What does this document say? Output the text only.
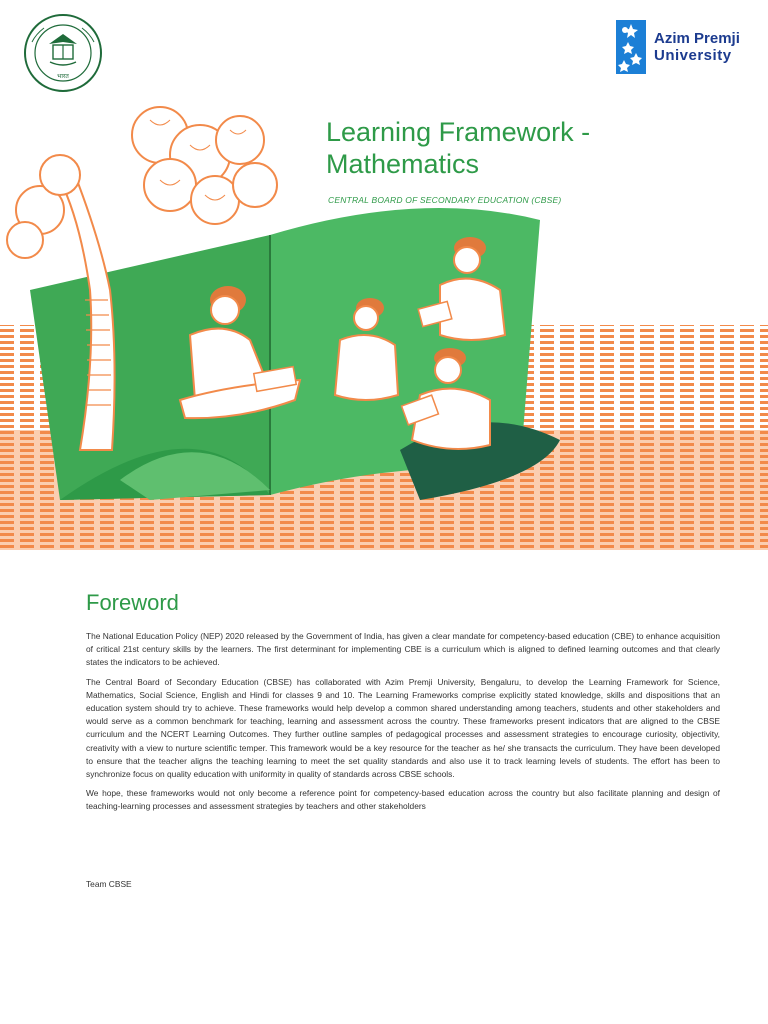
भारत
Azim Premji
University
Learning Framework -
Mathematics
CENTRAL BOARD OF SECONDARY EDUCATION (CBSE)
Foreword

The National Education Policy (NEP) 2020 released by the Government of India, has given a clear mandate for competency-based education (CBE) to enhance acquisition of critical 21st century skills by the learners. The first determinant for implementing CBE is a curriculum which is aligned to defined learning outcomes and that clearly states the indicators to be achieved.

The Central Board of Secondary Education (CBSE) has collaborated with Azim Premji University, Bengaluru, to develop the Learning Framework for Science, Mathematics, Social Science, English and Hindi for classes 9 and 10. The Learning Frameworks comprise explicitly stated knowledge, skills and dispositions that an education system should try to achieve. These frameworks would help develop a common shared understanding among teachers, students and other stakeholders and would serve as a common benchmark for teaching, learning and assessment across the country. These frameworks present indicators that are aligned to the CBSE curriculum and the NCERT Learning Outcomes. They further outline samples of pedagogical processes and assessment strategies to encourage curiosity, objectivity, creativity with a view to nurture scientific temper. This framework would be a key resource for the teacher as he/ she transacts the curriculum. They have been developed to ensure that the teacher aligns the teaching learning to meet the set quality standards and also use it to track learning levels of students. The effort has been to synchronize focus on quality education with uniformity in quality of standards across CBSE schools.

We hope, these frameworks would not only become a reference point for competency-based education across the country but also facilitate planning and design of teaching-learning processes and assessment strategies by teachers and other stakeholders

Team CBSE
